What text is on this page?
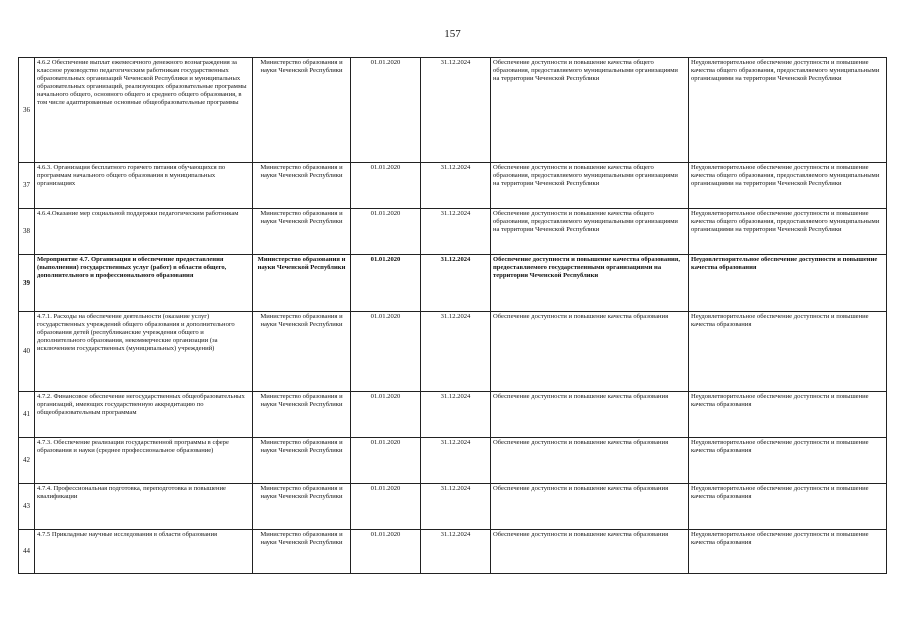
157
36	4.6.2 Обеспечение выплат ежемесячного денежного вознаграждения за классное руководство педагогическим работникам государственных образовательных организаций Чеченской Республики и муниципальных образовательных организаций, реализующих образовательные программы начального общего, основного общего и среднего общего образования, в том числе адаптированные основные общеобразовательные программы	Министерство образования и науки Чеченской Республики	01.01.2020	31.12.2024	Обеспечение доступности и повышение качества общего образования, предоставляемого муниципальными организациями на территории Чеченской Республики	Неудовлетворительное обеспечение доступности и повышение качества общего образования, предоставляемого муниципальными организациями на территории Чеченской Республики
37	4.6.3. Организация бесплатного горячего питания обучающихся по программам начального общего образования в муниципальных организациях	Министерство образования и науки Чеченской Республики	01.01.2020	31.12.2024	Обеспечение доступности и повышение качества общего образования, предоставляемого муниципальными организациями на территории Чеченской Республики	Неудовлетворительное обеспечение доступности и повышение качества общего образования, предоставляемого муниципальными организациями на территории Чеченской Республики
38	4.6.4.Оказание мер социальной поддержки педагогическим работникам	Министерство образования и науки Чеченской Республики	01.01.2020	31.12.2024	Обеспечение доступности и повышение качества общего образования, предоставляемого муниципальными организациями на территории Чеченской Республики	Неудовлетворительное обеспечение доступности и повышение качества общего образования, предоставляемого муниципальными организациями на территории Чеченской Республики
39	Мероприятие 4.7. Организация и обеспечение предоставления (выполнения) государственных услуг (работ) в области общего, дополнительного и профессионального образования	Министерство образования и науки Чеченской Республики	01.01.2020	31.12.2024	Обеспечение доступности и повышение качества образования, предоставляемого государственными организациями на территории Чеченской Республики	Неудовлетворительное обеспечение доступности и повышение качества образования
40	4.7.1. Расходы на обеспечение деятельности (оказание услуг) государственных учреждений общего образования и дополнительного образования детей (республиканские учреждения общего и дополнительного образования, некоммерческие организации (за исключением государственных (муниципальных) учреждений)	Министерство образования и науки Чеченской Республики	01.01.2020	31.12.2024	Обеспечение доступности и повышение качества образования	Неудовлетворительное обеспечение доступности и повышение качества образования
41	4.7.2. Финансовое обеспечение негосударственных общеобразовательных организаций, имеющих государственную аккредитацию по общеобразовательным программам	Министерство образования и науки Чеченской Республики	01.01.2020	31.12.2024	Обеспечение доступности и повышение качества образования	Неудовлетворительное обеспечение доступности и повышение качества образования
42	4.7.3. Обеспечение реализации государственной программы в сфере образования и науки (среднее профессиональное образование)	Министерство образования и науки Чеченской Республики	01.01.2020	31.12.2024	Обеспечение доступности и повышение качества образования	Неудовлетворительное обеспечение доступности и повышение качества образования
43	4.7.4. Профессиональная подготовка, переподготовка и повышение квалификации	Министерство образования и науки Чеченской Республики	01.01.2020	31.12.2024	Обеспечение доступности и повышение качества образования	Неудовлетворительное обеспечение доступности и повышение качества образования
44	4.7.5 Прикладные научные исследования в области образования	Министерство образования и науки Чеченской Республики	01.01.2020	31.12.2024	Обеспечение доступности и повышение качества образования	Неудовлетворительное обеспечение доступности и повышение качества образования
